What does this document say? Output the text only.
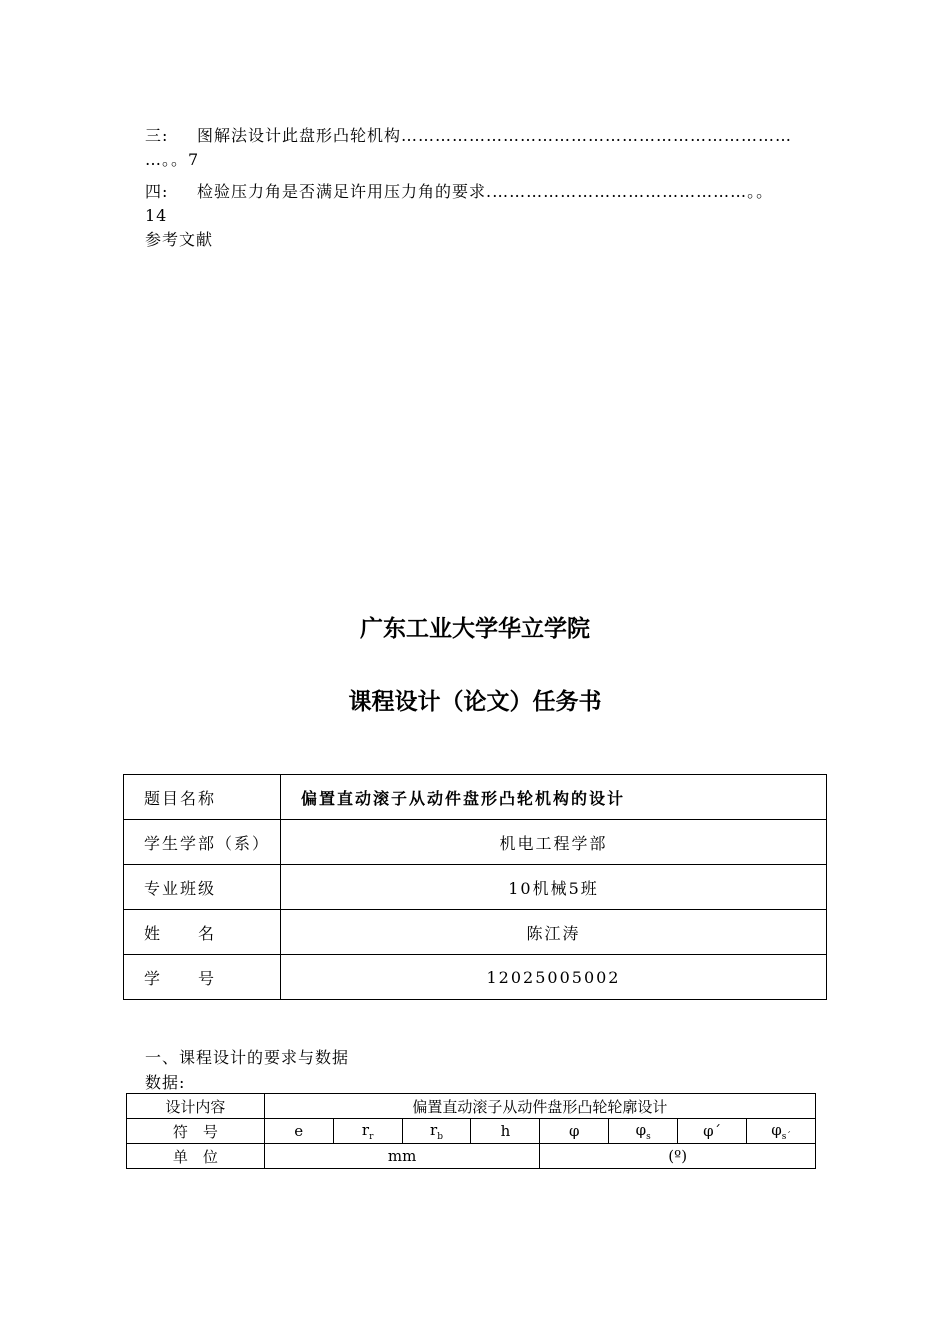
三: 图解法设计此盘形凸轮机构……………………………………………………………
…。。7
四: 检验压力角是否满足许用压力角的要求.………………………………………。。
14
参考文献
广东工业大学华立学院
课程设计（论文）任务书
题目名称	偏置直动滚子从动件盘形凸轮机构的设计
学生学部（系）	机电工程学部
专业班级	10机械5班
姓　　名	陈江涛
学　　号	12025005002
一、课程设计的要求与数据
数据:
设计内容	偏置直动滚子从动件盘形凸轮轮廓设计							
符　号	e	$r_r$	$r_b$	h	φ	$\varphi_s$	φ´	$\varphi_{s´}$
单　位	mm				(º)			
